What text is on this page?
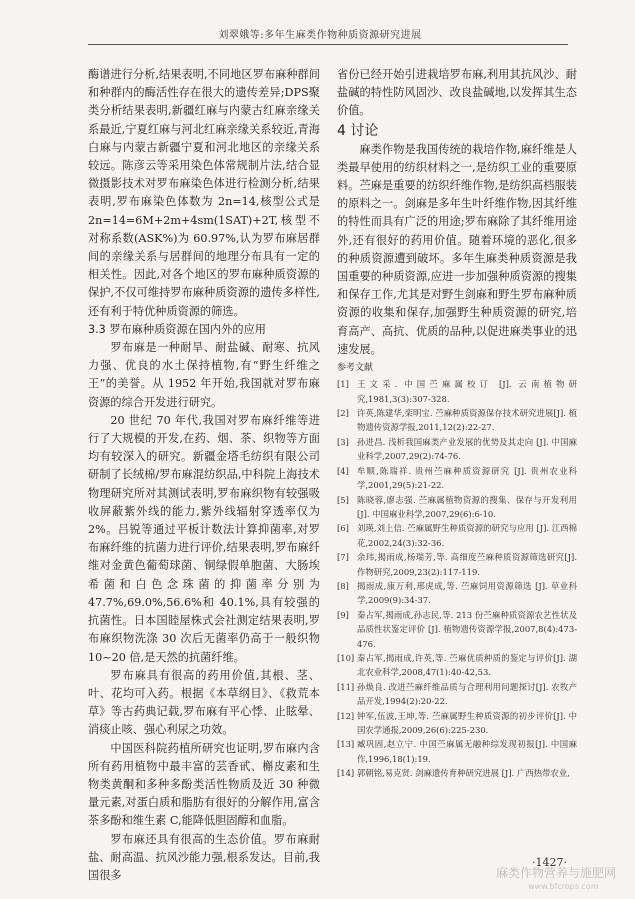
刘翠娥等:多年生麻类作物种质资源研究进展

酶谱进行分析,结果表明,不同地区罗布麻种群间和种群内的酶活性存在很大的遗传差异;DPS聚类分析结果表明,新疆红麻与内蒙古红麻亲缘关系最近,宁夏红麻与河北红麻亲缘关系较近,青海白麻与内蒙古新疆宁夏和河北地区的亲缘关系较远。陈彦云等采用染色体常规制片法,结合显微摄影技术对罗布麻染色体进行检测分析,结果表明,罗布麻染色体数为 2n=14,核型公式是 2n=14=6M+2m+4sm(1SAT)+2T,核型不对称系数(ASK%)为 60.97%,认为罗布麻居群间的亲缘关系与居群间的地理分布具有一定的相关性。因此,对各个地区的罗布麻种质资源的保护,不仅可维持罗布麻种质资源的遗传多样性,还有利于特优种质资源的筛选。

3.3 罗布麻种质资源在国内外的应用

罗布麻是一种耐旱、耐盐碱、耐寒、抗风力强、优良的水土保持植物,有“野生纤维之王”的美誉。从 1952 年开始,我国就对罗布麻资源的综合开发进行研究。

20 世纪 70 年代,我国对罗布麻纤维等进行了大规模的开发,在药、烟、茶、织物等方面均有较深入的研究。新疆金塔毛纺织有限公司研制了长绒棉/罗布麻混纺织品,中科院上海技术物理研究所对其测试表明,罗布麻织物有较强吸收屏蔽紫外线的能力,紫外线辐射穿透率仅为 2%。吕锐等通过平板计数法计算抑菌率,对罗布麻纤维的抗菌力进行评价,结果表明,罗布麻纤维对金黄色葡萄球菌、铜绿假单胞菌、大肠埃希菌和白色念珠菌的抑菌率分别为 47.7%,69.0%,56.6%和 40.1%,具有较强的抗菌性。日本国睦屋株式会社测定结果表明,罗布麻织物洗涤 30 次后无菌率仍高于一般织物 10~20 倍,是天然的抗菌纤维。

罗布麻具有很高的药用价值,其根、茎、叶、花均可入药。根据《本草纲目》、《救荒本草》等古药典记载,罗布麻有平心悸、止眩晕、消痰止咳、强心利尿之功效。

中国医科院药植所研究也证明,罗布麻内含所有药用植物中最丰富的芸香甙、槲皮素和生物类黄酮和多种多酚类活性物质及近 30 种微量元素,对蛋白质和脂肪有很好的分解作用,富含茶多酚和维生素 C,能降低胆固醇和血脂。

罗布麻还具有很高的生态价值。罗布麻耐盐、耐高温、抗风沙能力强,根系发达。目前,我国很多

省份已经开始引进栽培罗布麻,利用其抗风沙、耐盐碱的特性防风固沙、改良盐碱地,以发挥其生态价值。

4 讨论

麻类作物是我国传统的栽培作物,麻纤维是人类最早使用的纺织材料之一,是纺织工业的重要原料。苎麻是重要的纺织纤维作物,是纺织高档服装的原料之一。剑麻是多年生叶纤维作物,因其纤维的特性而具有广泛的用途;罗布麻除了其纤维用途外,还有很好的药用价值。随着环境的恶化,很多的种质资源遭到破坏。多年生麻类种质资源是我国重要的种质资源,应进一步加强种质资源的搜集和保存工作,尤其是对野生剑麻和野生罗布麻种质资源的收集和保存,加强野生种质资源的研究,培育高产、高抗、优质的品种,以促进麻类事业的迅速发展。

参考文献

[1] 王文采. 中国苎麻属校订 [J]. 云南植物研究,1981,3(3):307-328.
[2] 许英,陈建华,栾明宝. 苎麻种质资源保存技术研究进展[J]. 植物遗传资源学报,2011,12(2):22-27.
[3] 孙进昌. 浅析我国麻类产业发展的优势及其走向 [J]. 中国麻业科学,2007,29(2):74-76.
[4] 牟顺,陈瑞祥. 贵州苎麻种质资源研究 [J]. 贵州农业科学,2001,29(5):21-22.
[5] 陈晓蓉,廖志强. 苎麻属植物资源的搜集、保存与开发利用[J]. 中国麻业科学,2007,29(6):6-10.
[6] 刘瑛,刘上信. 苎麻属野生种质资源的研究与应用 [J]. 江西棉花,2002,24(3):32-36.
[7] 余玮,揭雨成,杨瑞芳,等. 高细度苎麻种质资源筛选研究[J]. 作物研究,2009,23(2):117-119.
[8] 揭雨成,康万利,邢虎成,等. 苎麻饲用资源筛选 [J]. 草业科学,2009(9):34-37.
[9] 秦占军,揭雨成,孙志民,等. 213 份苎麻种质资源农艺性状及品质性状鉴定评价 [J]. 植物遗传资源学报,2007,8(4):473-476.
[10] 秦占军,揭雨成,许英,等. 苎麻优质种质的鉴定与评价[J]. 湖北农业科学,2008,47(1):40-42,53.
[11] 孙焕良. 改进苎麻纤维品质与合理利用问题探讨[J]. 农牧产品开发,1994(2):20-22.
[12] 钟军,伍波,王坤,等. 苎麻属野生种质资源的初步评价[J]. 中国农学通报,2009,26(6):225-230.
[13] 臧巩固,赵立宁. 中国苎麻属无融种综发现初报[J]. 中国麻作,1996,18(1):19.
[14] 郭朝铭,易克贤. 剑麻遗传育种研究进展 [J]. 广西热带农业,
·1427·
麻类作物营养与施肥网
www.bfcrops.com
